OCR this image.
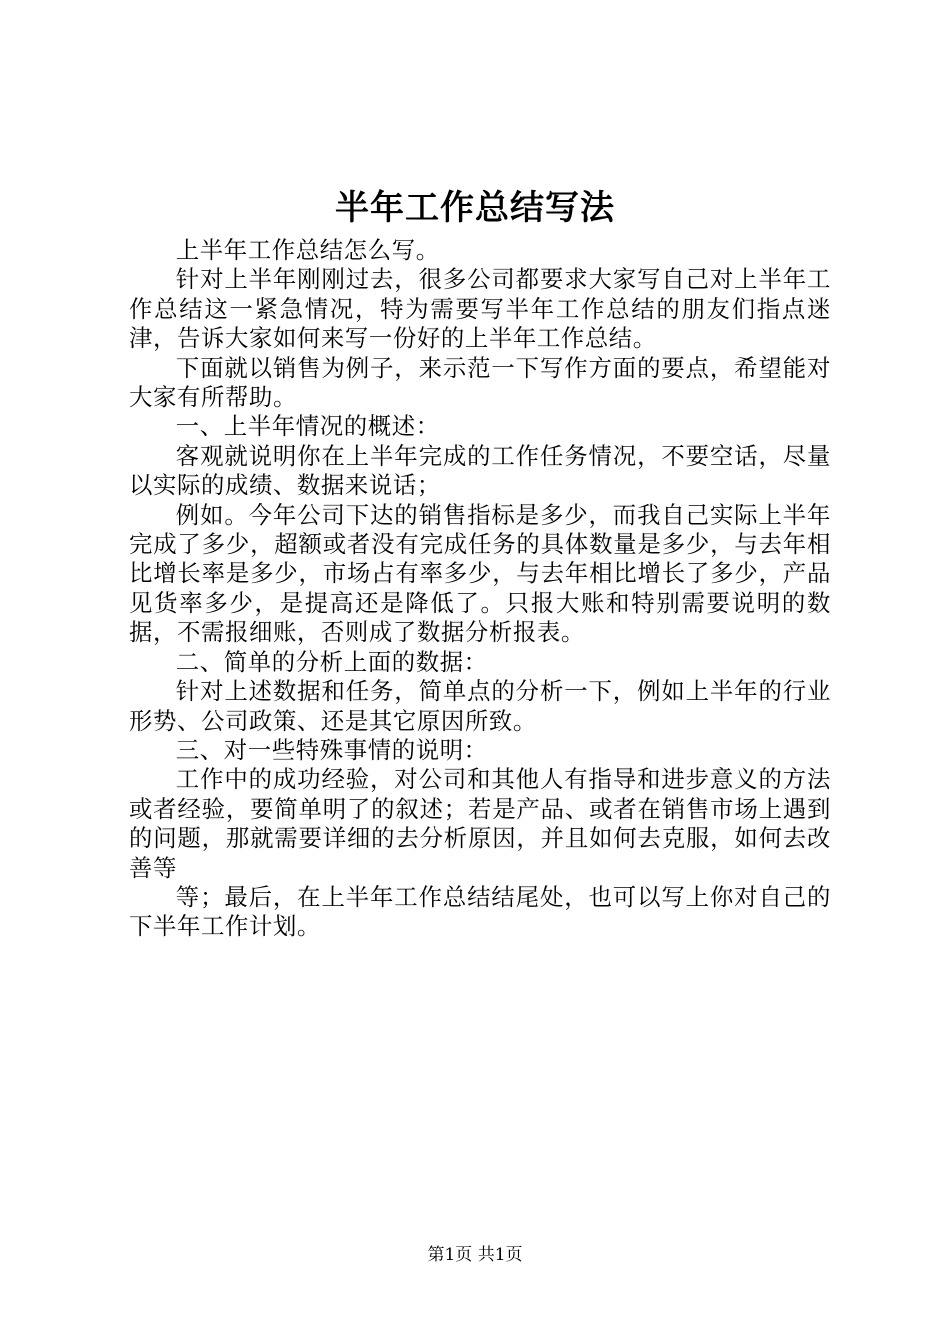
半年工作总结写法

上半年工作总结怎么写。

针对上半年刚刚过去，很多公司都要求大家写自己对上半年工作总结这一紧急情况，特为需要写半年工作总结的朋友们指点迷津，告诉大家如何来写一份好的上半年工作总结。

下面就以销售为例子，来示范一下写作方面的要点，希望能对大家有所帮助。

一、上半年情况的概述：

客观就说明你在上半年完成的工作任务情况，不要空话，尽量以实际的成绩、数据来说话；

例如。今年公司下达的销售指标是多少，而我自己实际上半年完成了多少，超额或者没有完成任务的具体数量是多少，与去年相比增长率是多少，市场占有率多少，与去年相比增长了多少，产品见货率多少，是提高还是降低了。只报大账和特别需要说明的数据，不需报细账，否则成了数据分析报表。

二、简单的分析上面的数据：

针对上述数据和任务，简单点的分析一下，例如上半年的行业形势、公司政策、还是其它原因所致。

三、对一些特殊事情的说明：

工作中的成功经验，对公司和其他人有指导和进步意义的方法或者经验，要简单明了的叙述；若是产品、或者在销售市场上遇到的问题，那就需要详细的去分析原因，并且如何去克服，如何去改善等

等；最后，在上半年工作总结结尾处，也可以写上你对自己的下半年工作计划。

第1页 共1页
